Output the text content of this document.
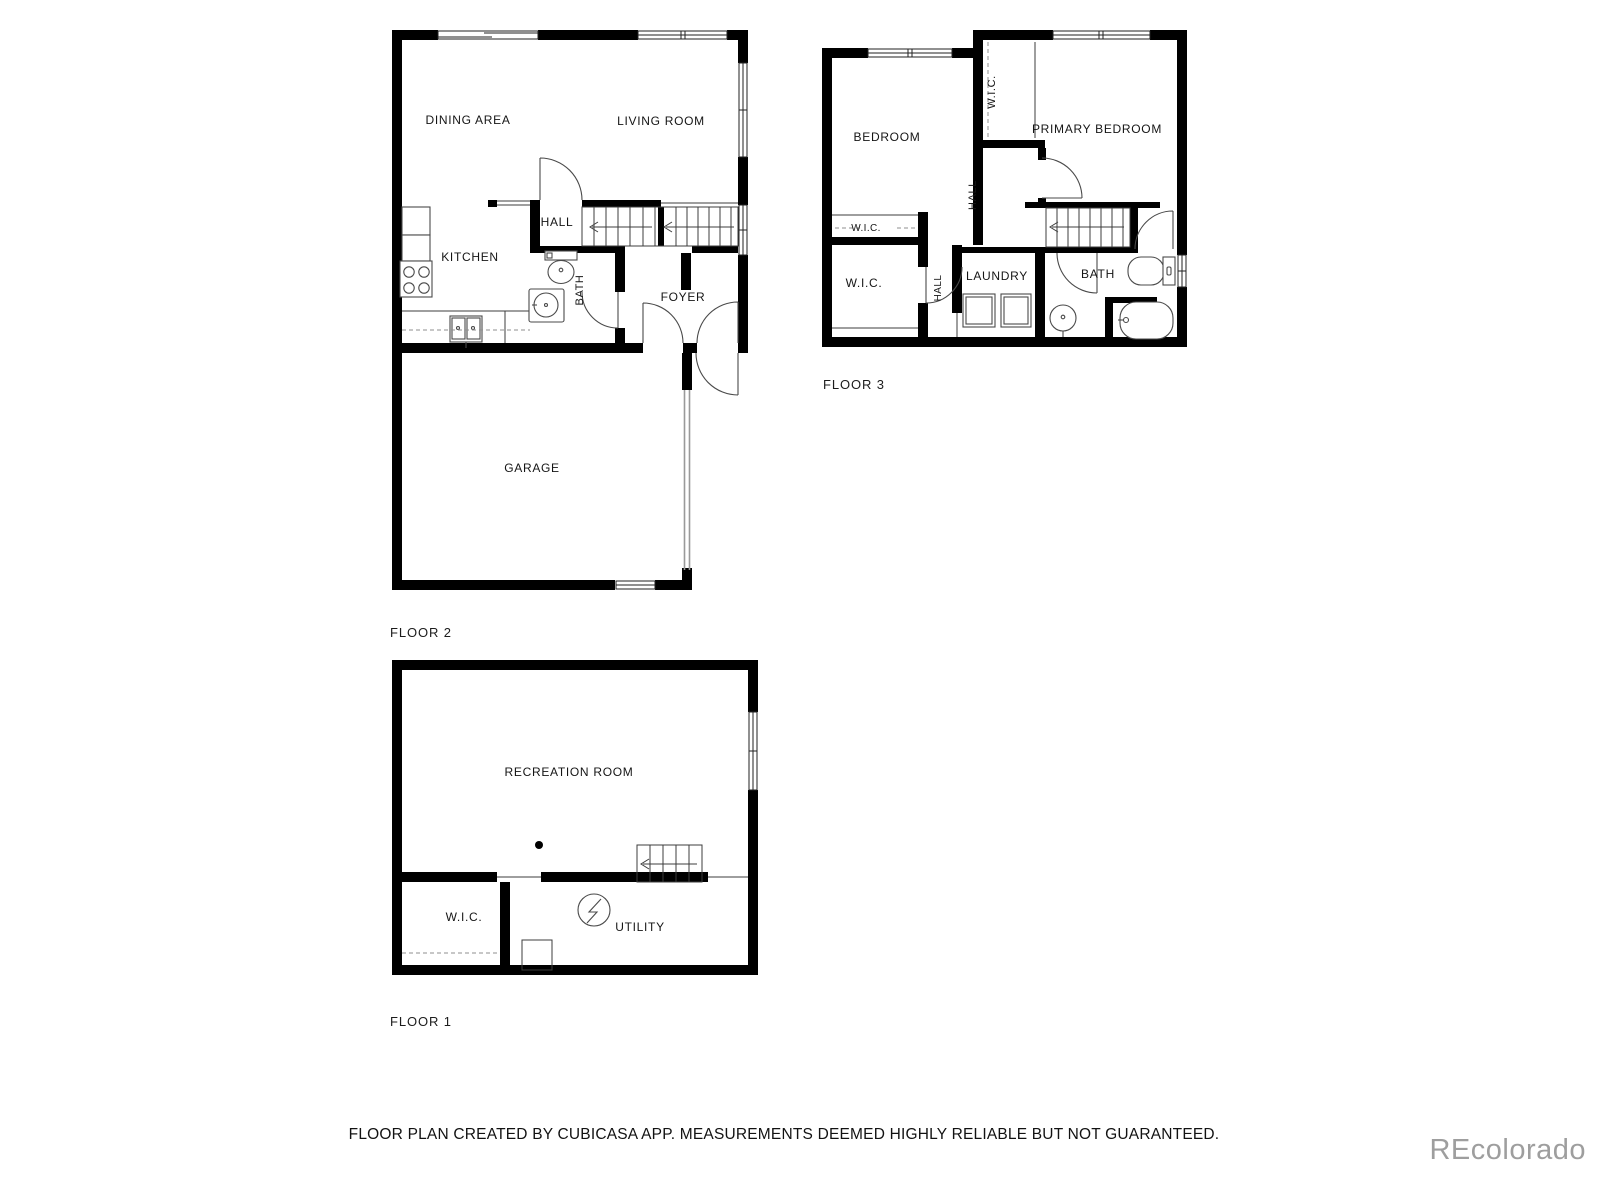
DINING AREA	LIVING ROOM
HALL
KITCHEN
BATH	FOYER
GARAGE
FLOOR 2
BEDROOM
W.I.C.
PRIMARY BEDROOM
HALL
W.I.C.
W.I.C.	HALL LAUNDRY	BATH
FLOOR 3
RECREATION ROOM
W.I.C.
UTILITY
FLOOR 1
FLOOR PLAN CREATED BY CUBICASA APP. MEASUREMENTS DEEMED HIGHLY RELIABLE BUT NOT GUARANTEED.	REcolorado
